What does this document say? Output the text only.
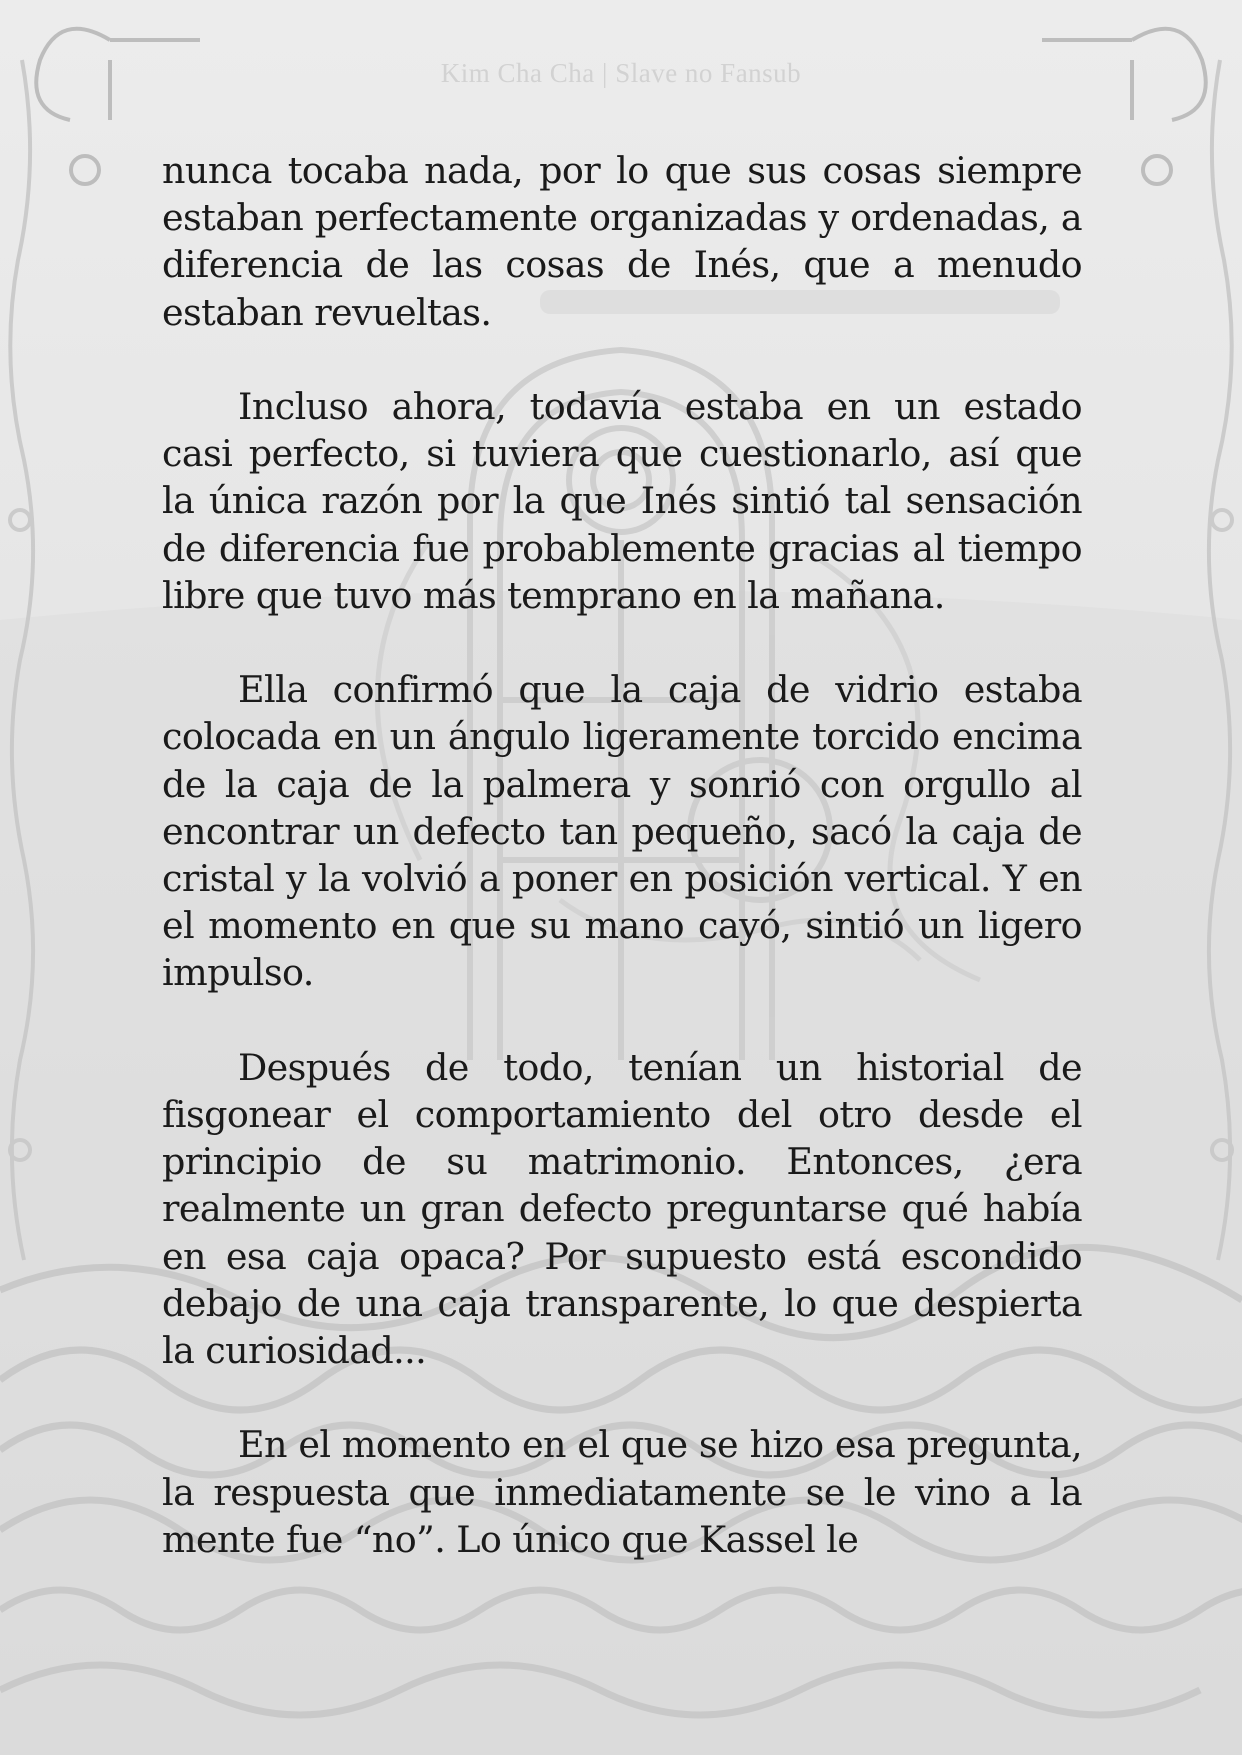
Kim Cha Cha | Slave no Fansub

nunca tocaba nada, por lo que sus cosas siempre estaban perfectamente organizadas y ordenadas, a diferencia de las cosas de Inés, que a menudo estaban revueltas.

Incluso ahora, todavía estaba en un estado casi perfecto, si tuviera que cuestionarlo, así que la única razón por la que Inés sintió tal sensación de diferencia fue probablemente gracias al tiempo libre que tuvo más temprano en la mañana.

Ella confirmó que la caja de vidrio estaba colocada en un ángulo ligeramente torcido encima de la caja de la palmera y sonrió con orgullo al encontrar un defecto tan pequeño, sacó la caja de cristal y la volvió a poner en posición vertical. Y en el momento en que su mano cayó, sintió un ligero impulso.

Después de todo, tenían un historial de fisgonear el comportamiento del otro desde el principio de su matrimonio. Entonces, ¿era realmente un gran defecto preguntarse qué había en esa caja opaca? Por supuesto está escondido debajo de una caja transparente, lo que despierta la curiosidad...

En el momento en el que se hizo esa pregunta, la respuesta que inmediatamente se le vino a la mente fue “no”. Lo único que Kassel le
